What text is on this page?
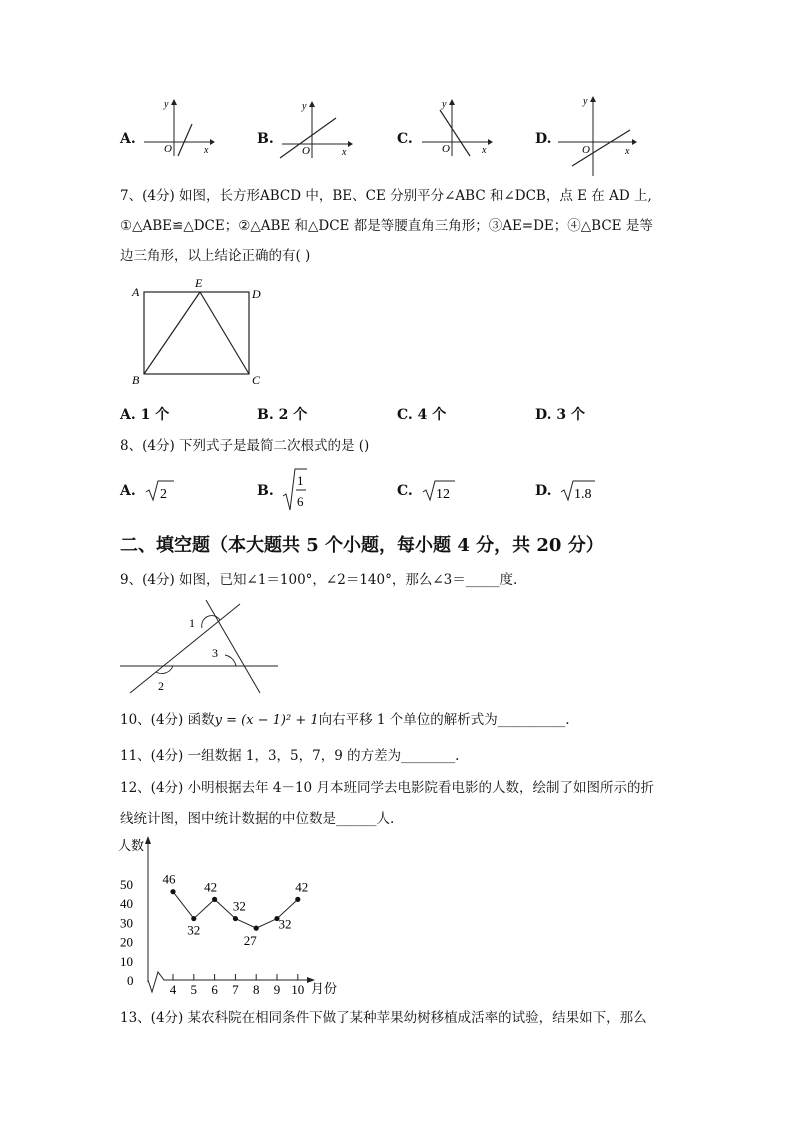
A.	B.	C.	D.
y
x
O
y
x
O
y
x
O
y
x
O
7、(4分) 如图，长方形ABCD 中，BE、CE 分别平分∠ABC 和∠DCB，点 E 在 AD 上,
①△ABE≌△DCE；②△ABE 和△DCE 都是等腰直角三角形；③AE=DE；④△BCE 是等
边三角形，以上结论正确的有( )
A
E
D
B	C
A. 1 个	B. 2 个	C. 4 个	D. 3 个
8、(4分) 下列式子是最简二次根式的是 ()
A. 2	B.
1
6
C. 12	D. 1.8
二、填空题（本大题共 5 个小题，每小题 4 分，共 20 分）
9、(4分) 如图，已知∠1＝100°，∠2＝140°，那么∠3＝_____度.
1
2
3
10、(4分) 函数y = (x − 1)² + 1向右平移 1 个单位的解析式为__________.
11、(4分) 一组数据 1，3，5，7，9 的方差为________.
12、(4分) 小明根据去年 4－10 月本班同学去电影院看电影的人数，绘制了如图所示的折
线统计图，图中统计数据的中位数是______人.
人数
月份
0
10
20
30
40
50
4 5 6 7 8 9 10
46
32
42
32
27
32
42
13、(4分) 某农科院在相同条件下做了某种苹果幼树移植成活率的试验，结果如下，那么
